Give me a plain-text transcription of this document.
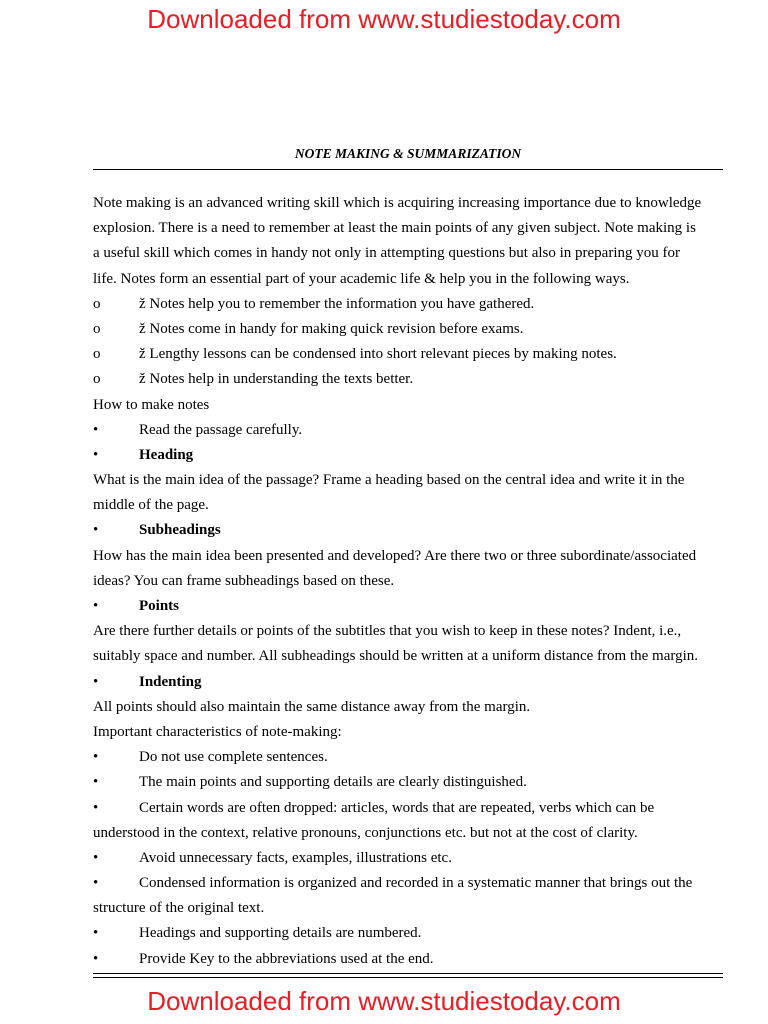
Downloaded from www.studiestoday.com
NOTE MAKING & SUMMARIZATION
Note making is an advanced writing skill which is acquiring increasing importance due to knowledge
explosion. There is a need to remember at least the main points of any given subject. Note making is
a useful skill which comes in handy not only in attempting questions but also in preparing you for
life. Notes form an essential part of your academic life & help you in the following ways.
o	ž Notes help you to remember the information you have gathered.
o	ž Notes come in handy for making quick revision before exams.
o	ž Lengthy lessons can be condensed into short relevant pieces by making notes.
o	ž Notes help in understanding the texts better.
How to make notes
•	Read the passage carefully.
•	Heading
What is the main idea of the passage? Frame a heading based on the central idea and write it in the
middle of the page.
•	Subheadings
How has the main idea been presented and developed? Are there two or three subordinate/associated
ideas? You can frame subheadings based on these.
•	Points
Are there further details or points of the subtitles that you wish to keep in these notes? Indent, i.e.,
suitably space and number. All subheadings should be written at a uniform distance from the margin.
•	Indenting
All points should also maintain the same distance away from the margin.
Important characteristics of note-making:
•	Do not use complete sentences.
•	The main points and supporting details are clearly distinguished.
•	Certain words are often dropped: articles, words that are repeated, verbs which can be
understood in the context, relative pronouns, conjunctions etc. but not at the cost of clarity.
•	Avoid unnecessary facts, examples, illustrations etc.
•	Condensed information is organized and recorded in a systematic manner that brings out the
structure of the original text.
•	Headings and supporting details are numbered.
•	Provide Key to the abbreviations used at the end.
Downloaded from www.studiestoday.com
